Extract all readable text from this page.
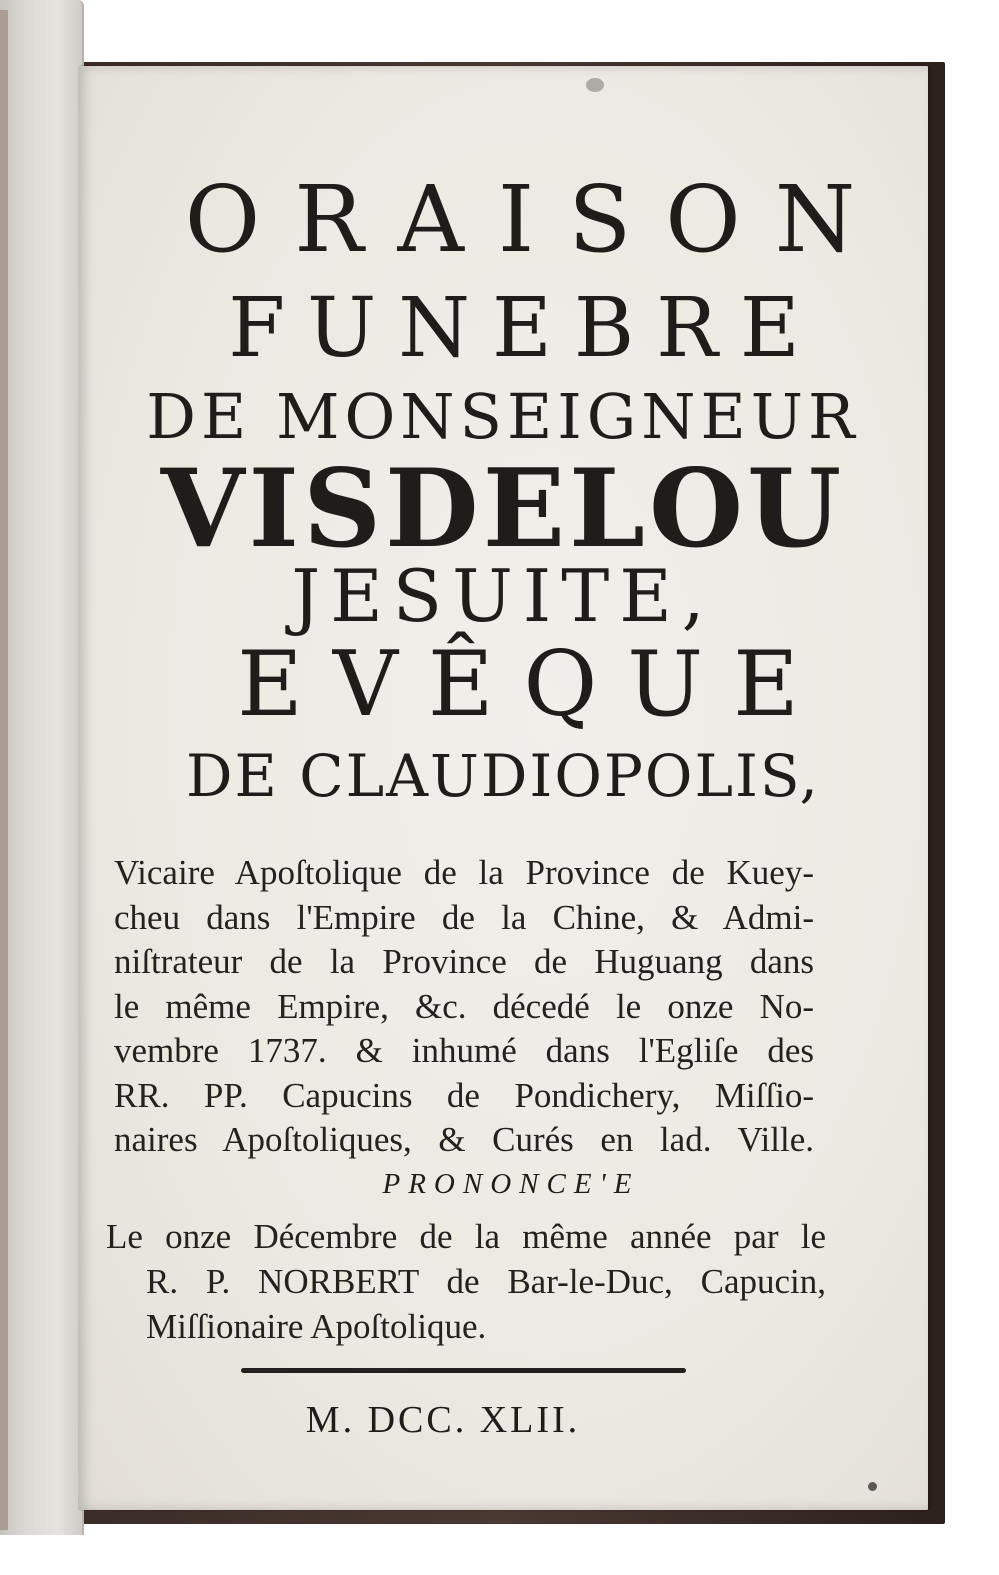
ORAISON

FUNEBRE

DE MONSEIGNEUR

VISDELOU

JESUITE,

EVÊQUE

DE CLAUDIOPOLIS,

Vicaire Apoſtolique de la Province de Kuey-
cheu dans l'Empire de la Chine, & Admi-
niſtrateur de la Province de Huguang dans
le même Empire, &c. décedé le onze No-
vembre 1737. & inhumé dans l'Egliſe des
RR. PP. Capucins de Pondichery, Miſſio-
naires Apoſtoliques, & Curés en lad. Ville.

PRONONCE'E

Le onze Décembre de la même année par le
R. P. NORBERT de Bar-le-Duc, Capucin,
Miſſionaire Apoſtolique.

M. DCC. XLII.
